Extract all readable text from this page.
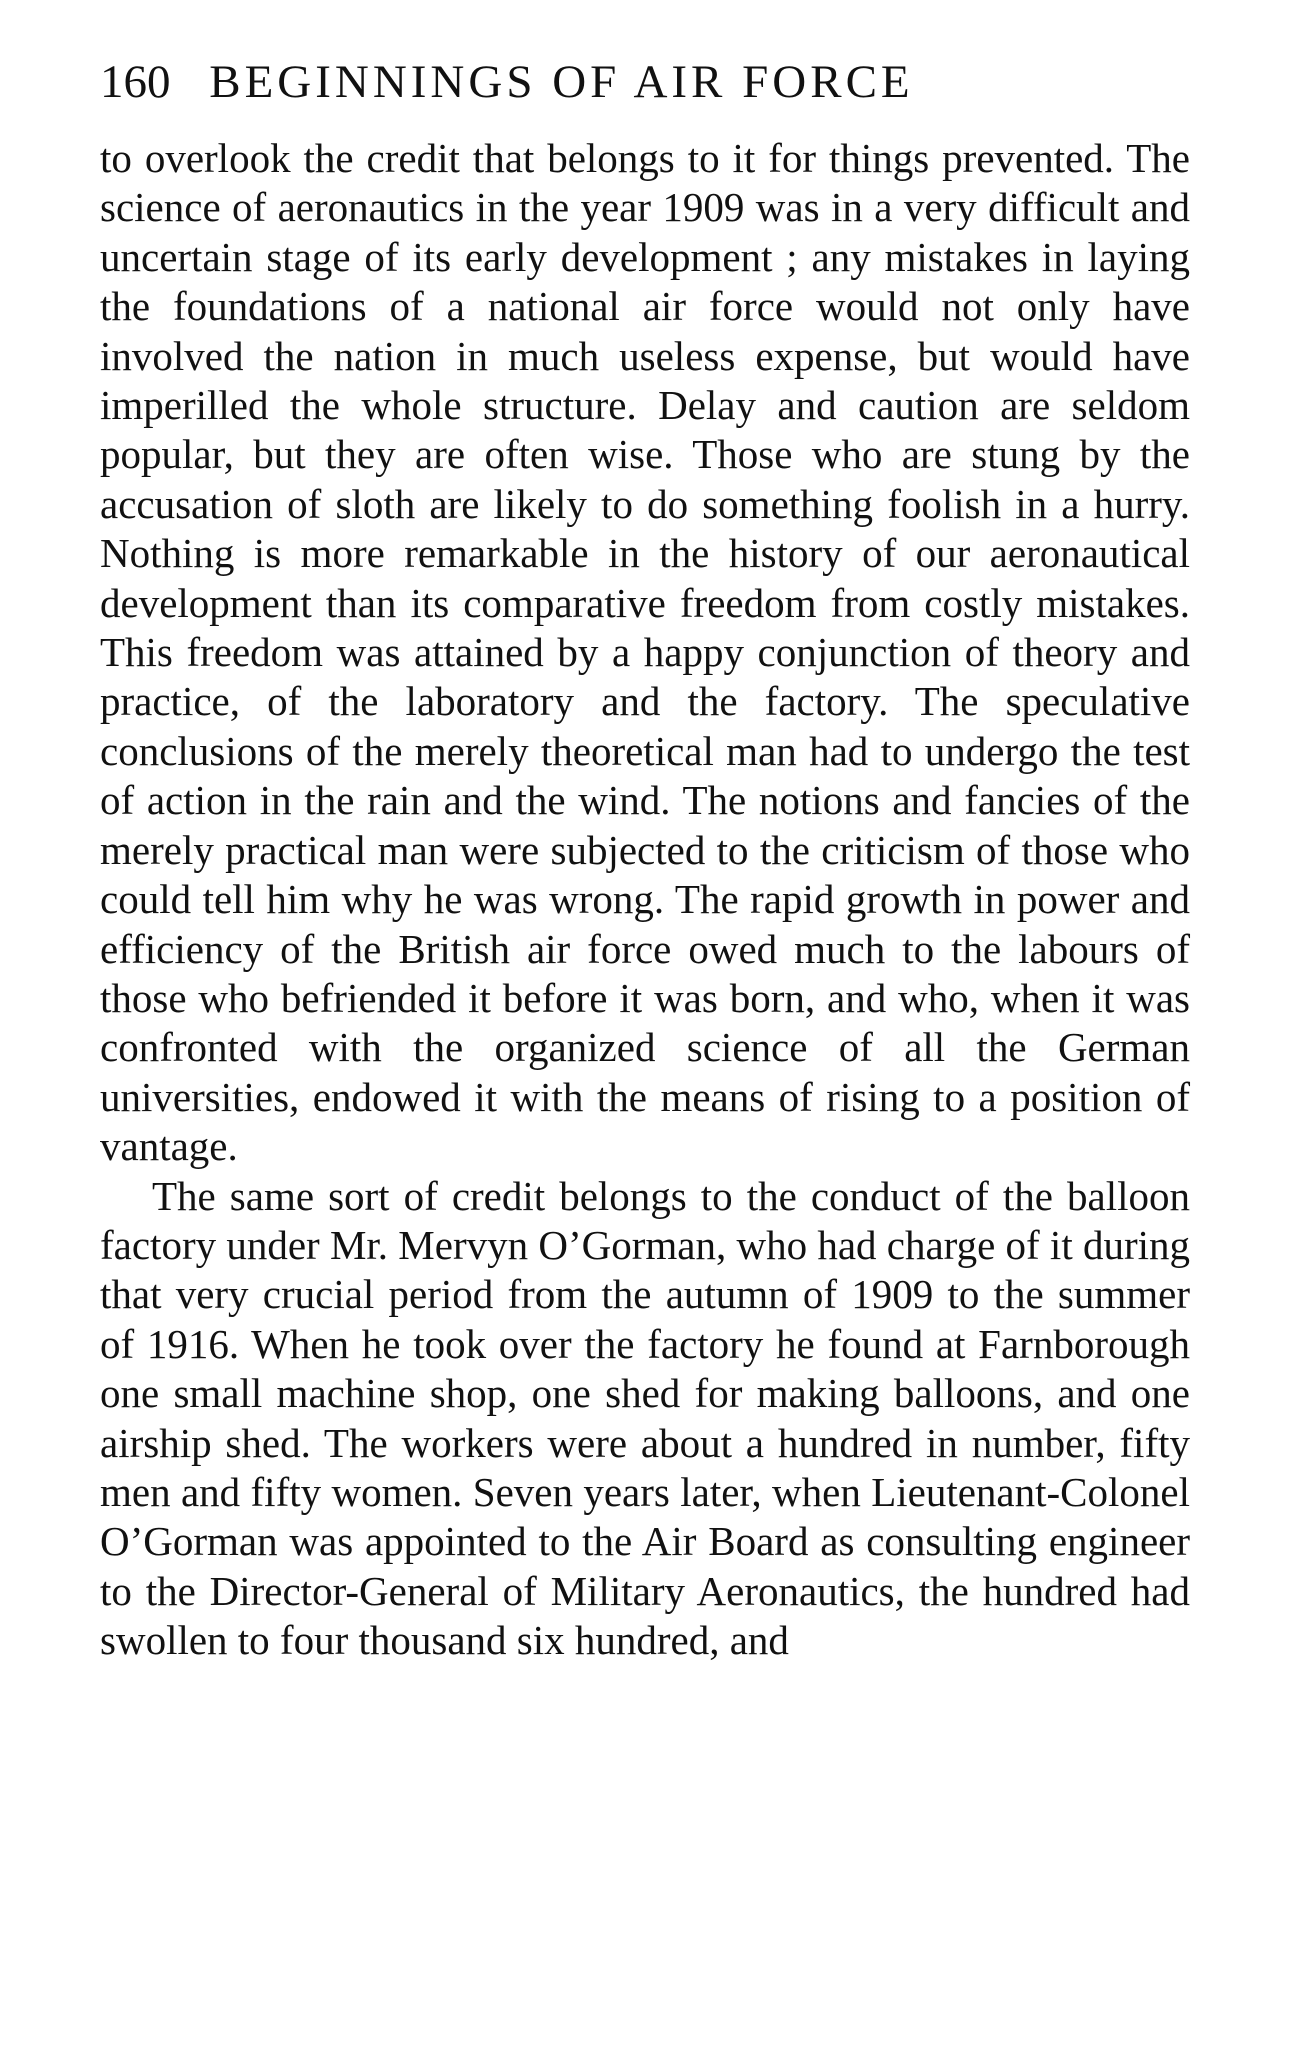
160 BEGINNINGS OF AIR FORCE

to overlook the credit that belongs to it for things prevented. The science of aeronautics in the year 1909 was in a very difficult and uncertain stage of its early development ; any mistakes in laying the foundations of a national air force would not only have involved the nation in much useless expense, but would have imperilled the whole structure. Delay and caution are seldom popular, but they are often wise. Those who are stung by the accusation of sloth are likely to do something foolish in a hurry. Nothing is more remarkable in the history of our aeronautical development than its comparative freedom from costly mistakes. This freedom was attained by a happy conjunction of theory and practice, of the laboratory and the factory. The speculative conclusions of the merely theoretical man had to undergo the test of action in the rain and the wind. The notions and fancies of the merely practical man were subjected to the criticism of those who could tell him why he was wrong. The rapid growth in power and efficiency of the British air force owed much to the labours of those who befriended it before it was born, and who, when it was confronted with the organized science of all the German universities, endowed it with the means of rising to a position of vantage.

The same sort of credit belongs to the conduct of the balloon factory under Mr. Mervyn O’Gorman, who had charge of it during that very crucial period from the autumn of 1909 to the summer of 1916. When he took over the factory he found at Farnborough one small machine shop, one shed for making balloons, and one airship shed. The workers were about a hundred in number, fifty men and fifty women. Seven years later, when Lieutenant-Colonel O’Gorman was appointed to the Air Board as consulting engineer to the Director-General of Military Aeronautics, the hundred had swollen to four thousand six hundred, and
